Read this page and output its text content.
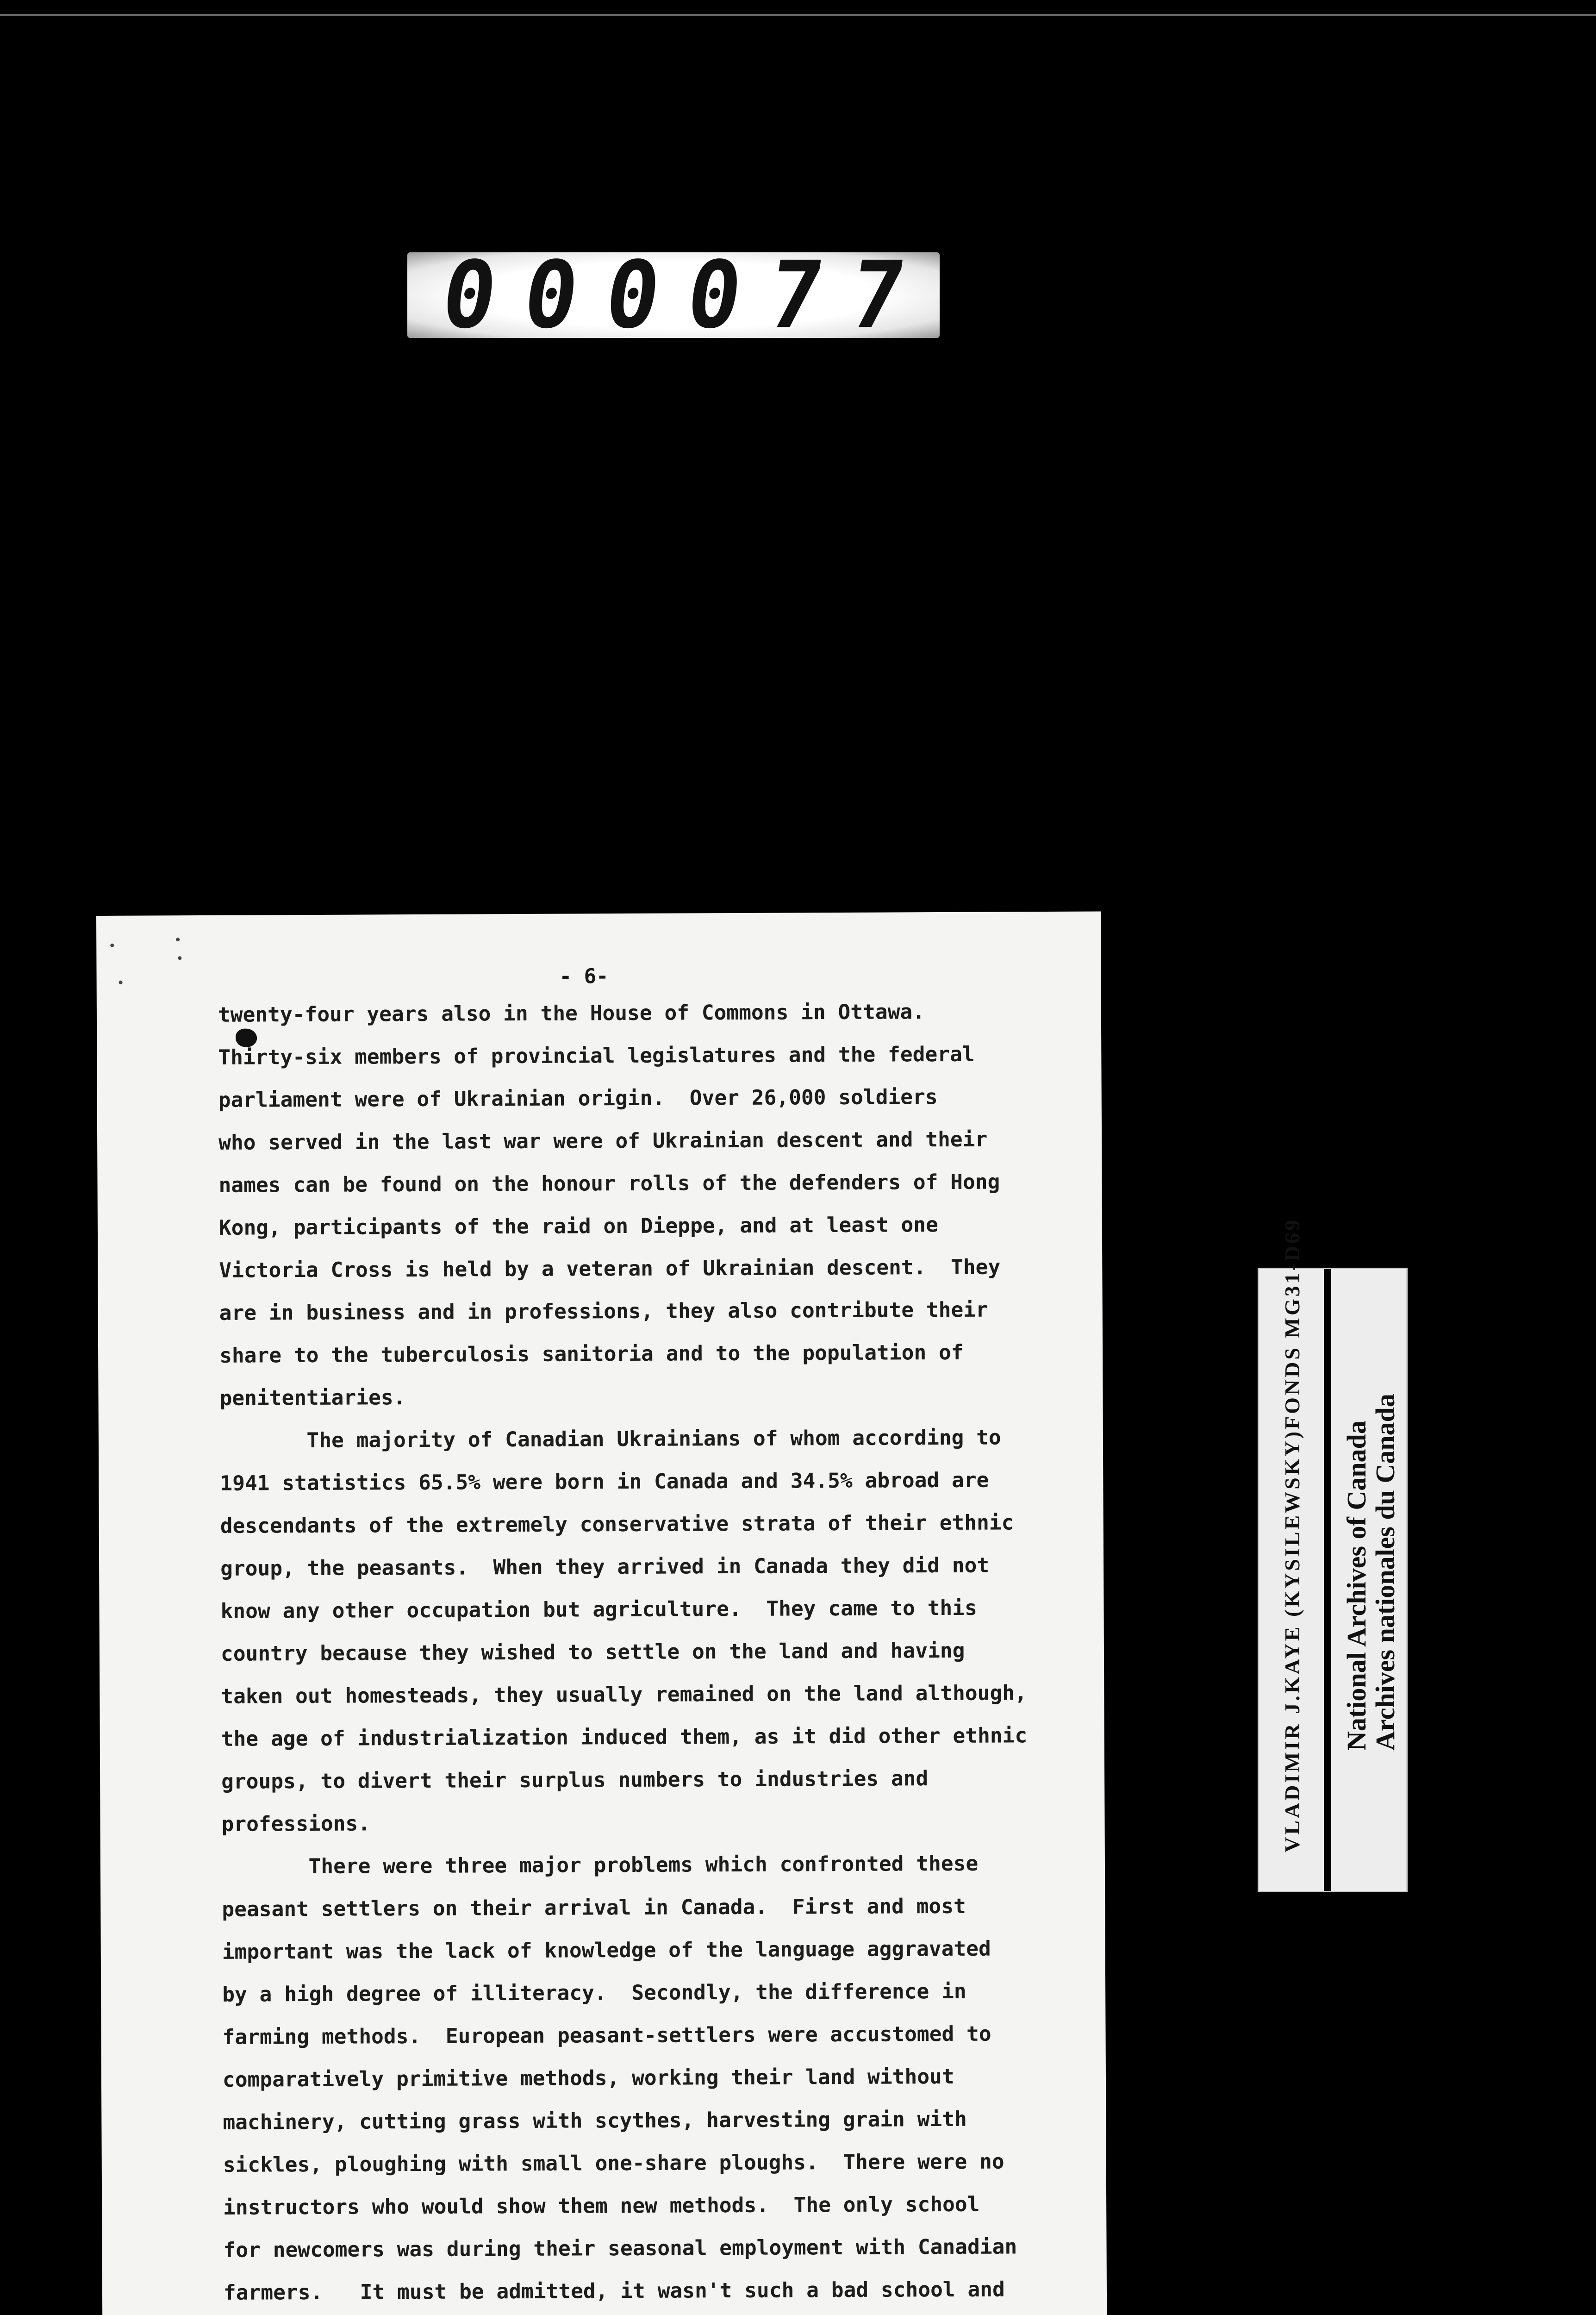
000077
- 6-
twenty-four years also in the House of Commons in Ottawa.
Thirty-six members of provincial legislatures and the federal
parliament were of Ukrainian origin.  Over 26,000 soldiers
who served in the last war were of Ukrainian descent and their
names can be found on the honour rolls of the defenders of Hong
Kong, participants of the raid on Dieppe, and at least one
Victoria Cross is held by a veteran of Ukrainian descent.  They
are in business and in professions, they also contribute their
share to the tuberculosis sanitoria and to the population of
penitentiaries.
The majority of Canadian Ukrainians of whom according to
1941 statistics 65.5% were born in Canada and 34.5% abroad are
descendants of the extremely conservative strata of their ethnic
group, the peasants.  When they arrived in Canada they did not
know any other occupation but agriculture.  They came to this
country because they wished to settle on the land and having
taken out homesteads, they usually remained on the land although,
the age of industrialization induced them, as it did other ethnic
groups, to divert their surplus numbers to industries and
professions.
There were three major problems which confronted these
peasant settlers on their arrival in Canada.  First and most
important was the lack of knowledge of the language aggravated
by a high degree of illiteracy.  Secondly, the difference in
farming methods.  European peasant-settlers were accustomed to
comparatively primitive methods, working their land without
machinery, cutting grass with scythes, harvesting grain with
sickles, ploughing with small one-share ploughs.  There were no
instructors who would show them new methods.  The only school
for newcomers was during their seasonal employment with Canadian
farmers.   It must be admitted, it wasn't such a bad school and
VLADIMIR J.KAYE (KYSILEWSKY)FONDS MG31-D69 National Archives of Canada
Archives nationales du Canada
